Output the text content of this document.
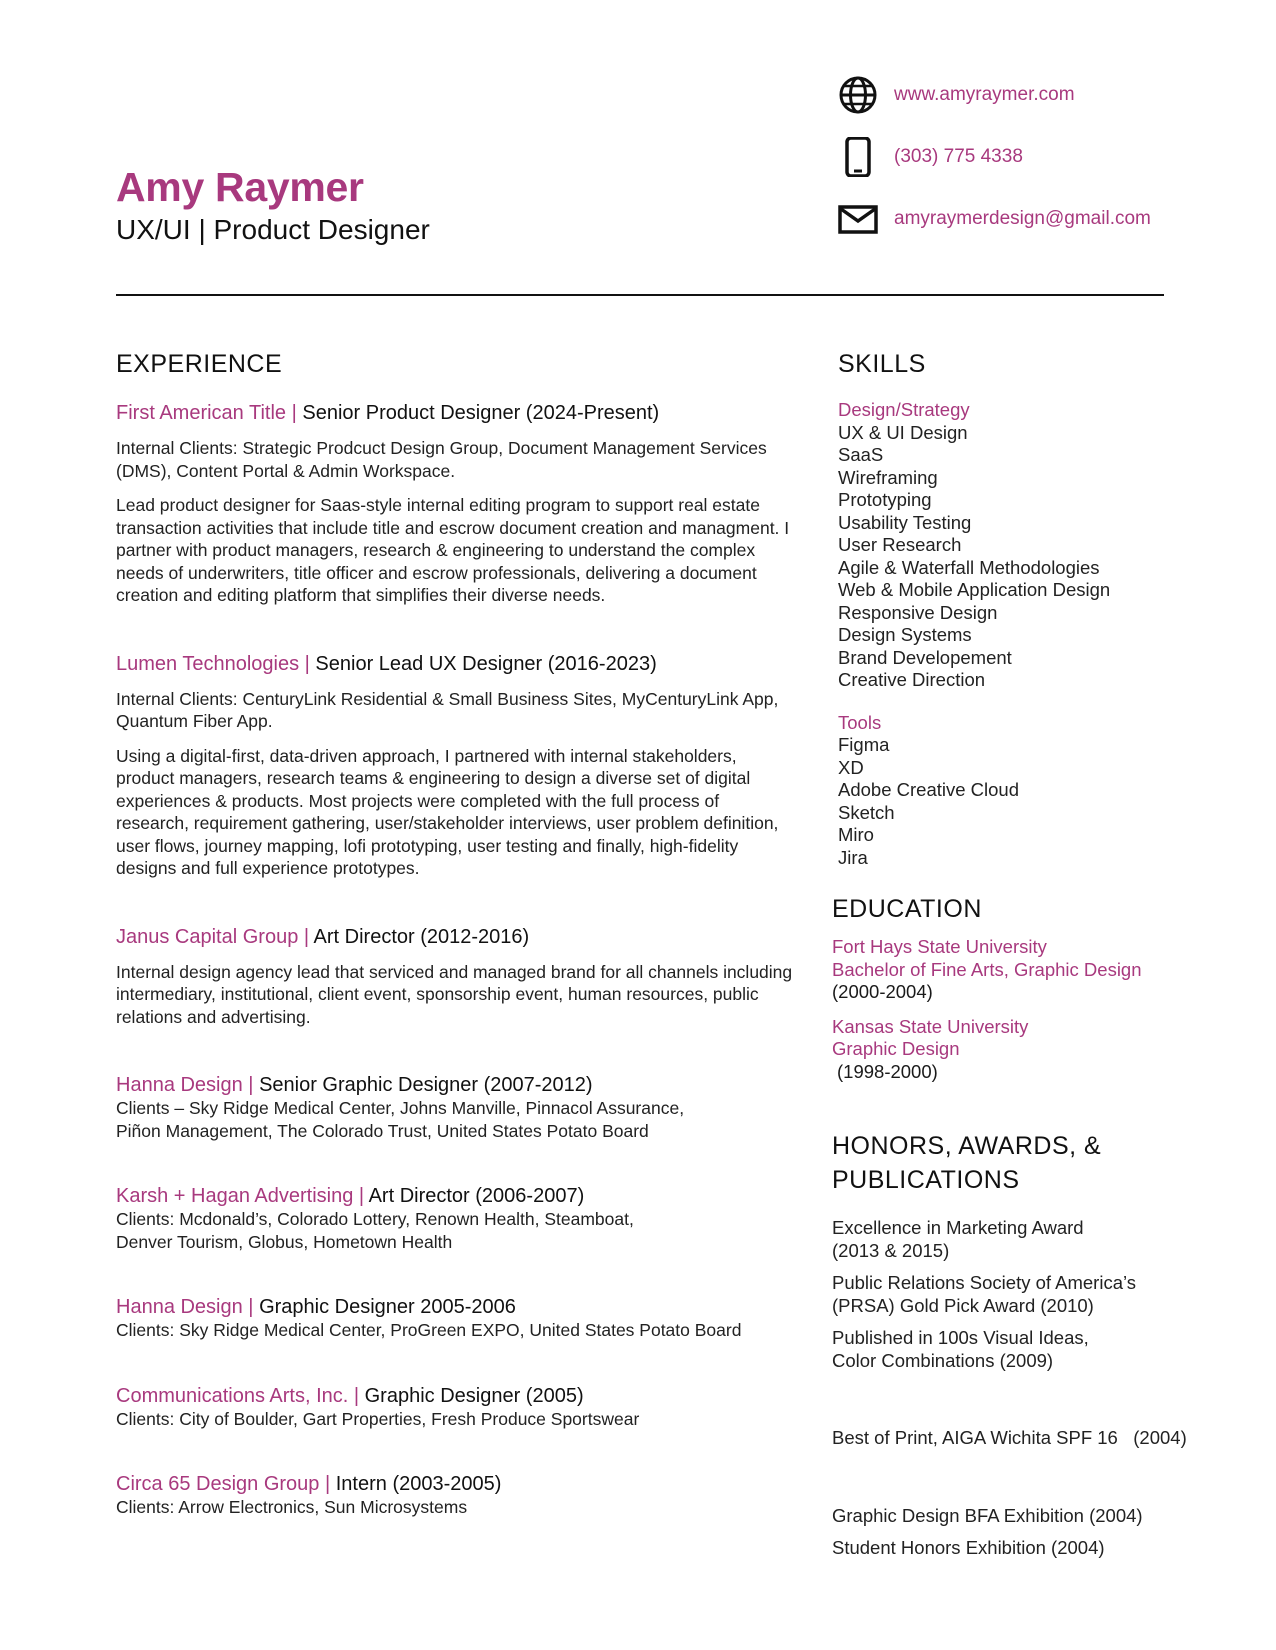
Amy Raymer
UX/UI | Product Designer
www.amyraymer.com
(303) 775 4338
amyraymerdesign@gmail.com
EXPERIENCE

First American Title | Senior Product Designer (2024-Present)

Internal Clients: Strategic Prodcuct Design Group, Document Management Services (DMS), Content Portal & Admin Workspace.

Lead product designer for Saas-style internal editing program to support real estate transaction activities that include title and escrow document creation and managment. I partner with product managers, research & engineering to understand the complex needs of underwriters, title officer and escrow professionals, delivering a document creation and editing platform that simplifies their diverse needs.

Lumen Technologies | Senior Lead UX Designer (2016-2023)

Internal Clients: CenturyLink Residential & Small Business Sites, MyCenturyLink App, Quantum Fiber App.

Using a digital-first, data-driven approach, I partnered with internal stakeholders, product managers, research teams & engineering to design a diverse set of digital experiences & products. Most projects were completed with the full process of research, requirement gathering, user/stakeholder interviews, user problem definition, user flows, journey mapping, lofi prototyping, user testing and finally, high-fidelity designs and full experience prototypes.

Janus Capital Group | Art Director (2012-2016)

Internal design agency lead that serviced and managed brand for all channels including intermediary, institutional, client event, sponsorship event, human resources, public relations and advertising.

Hanna Design | Senior Graphic Designer (2007-2012)

Clients – Sky Ridge Medical Center, Johns Manville, Pinnacol Assurance, Piñon Management, The Colorado Trust, United States Potato Board

Karsh + Hagan Advertising | Art Director (2006-2007)

Clients: Mcdonald’s, Colorado Lottery, Renown Health, Steamboat, Denver Tourism, Globus, Hometown Health

Hanna Design | Graphic Designer 2005-2006

Clients: Sky Ridge Medical Center, ProGreen EXPO, United States Potato Board

Communications Arts, Inc. | Graphic Designer (2005)

Clients: City of Boulder, Gart Properties, Fresh Produce Sportswear

Circa 65 Design Group | Intern (2003-2005)

Clients: Arrow Electronics, Sun Microsystems

SKILLS
Design/Strategy
UX & UI Design
SaaS
Wireframing
Prototyping
Usability Testing
User Research
Agile & Waterfall Methodologies
Web & Mobile Application Design
Responsive Design
Design Systems
Brand Developement
Creative Direction
Tools
Figma
XD
Adobe Creative Cloud
Sketch
Miro
Jira
EDUCATION
Fort Hays State University
Bachelor of Fine Arts, Graphic Design
(2000-2004)
Kansas State University
Graphic Design
(1998-2000)
HONORS, AWARDS, &
PUBLICATIONS
Excellence in Marketing Award
(2013 & 2015)
Public Relations Society of America’s
(PRSA) Gold Pick Award (2010)
Published in 100s Visual Ideas,
Color Combinations (2009)

Best of Print, AIGA Wichita SPF 16   (2004)

Graphic Design BFA Exhibition (2004)
Student Honors Exhibition (2004)
